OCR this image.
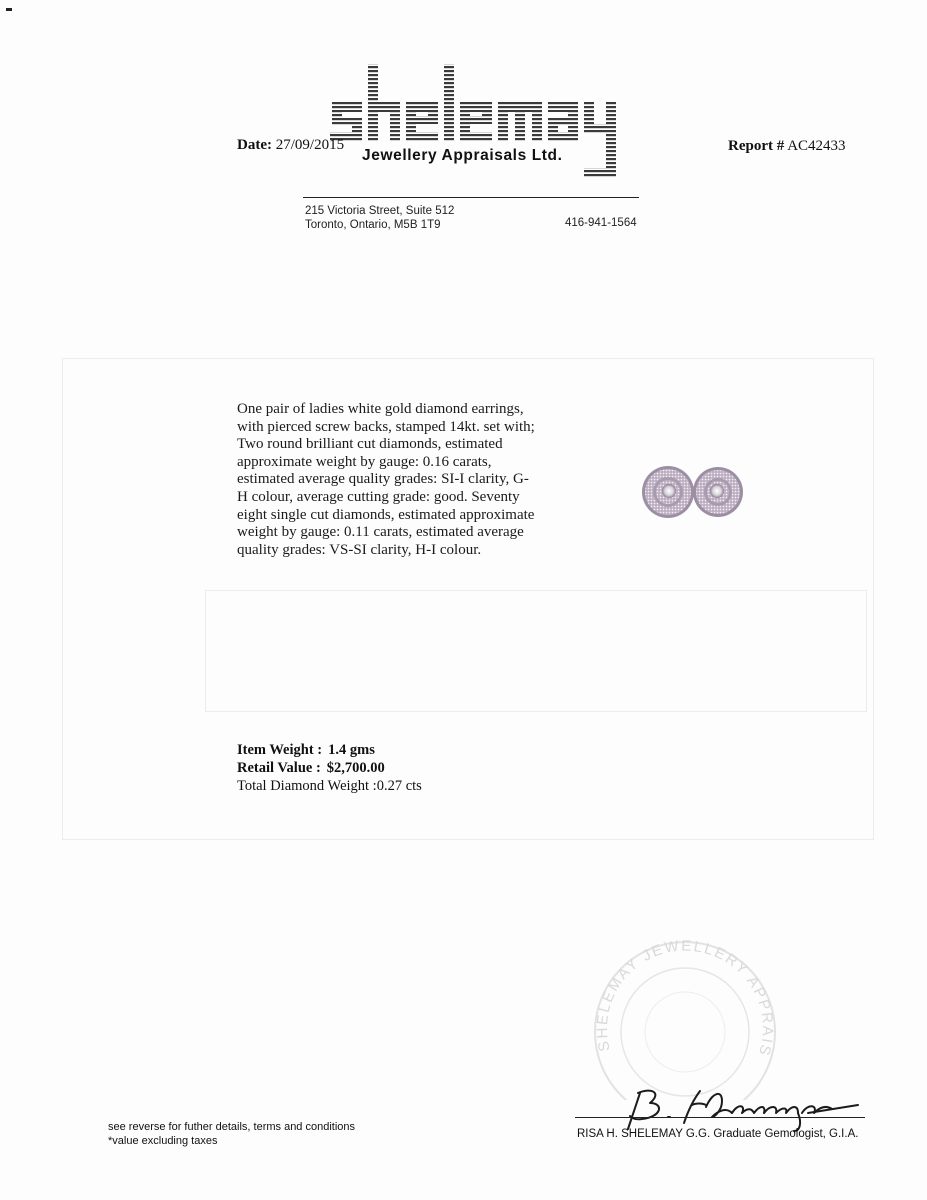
Jewellery Appraisals Ltd.
Date: 27/09/2015	Report # AC42433
215 Victoria Street, Suite 512
Toronto, Ontario, M5B 1T9	416-941-1564
One pair of ladies white gold diamond earrings,
with pierced screw backs, stamped 14kt. set with;
Two round brilliant cut diamonds, estimated
approximate weight by gauge: 0.16 carats,
estimated average quality grades: SI-I clarity, G-
H colour, average cutting grade: good. Seventy
eight single cut diamonds, estimated approximate
weight by gauge: 0.11 carats, estimated average
quality grades: VS-SI clarity, H-I colour.
Item Weight : 1.4 gms
Retail Value : $2,700.00
Total Diamond Weight :0.27 cts
SHELEMAY JEWELLERY APPRAIS
see reverse for futher details, terms and conditions
*value excluding taxes
RISA H. SHELEMAY G.G. Graduate Gemologist, G.I.A.
